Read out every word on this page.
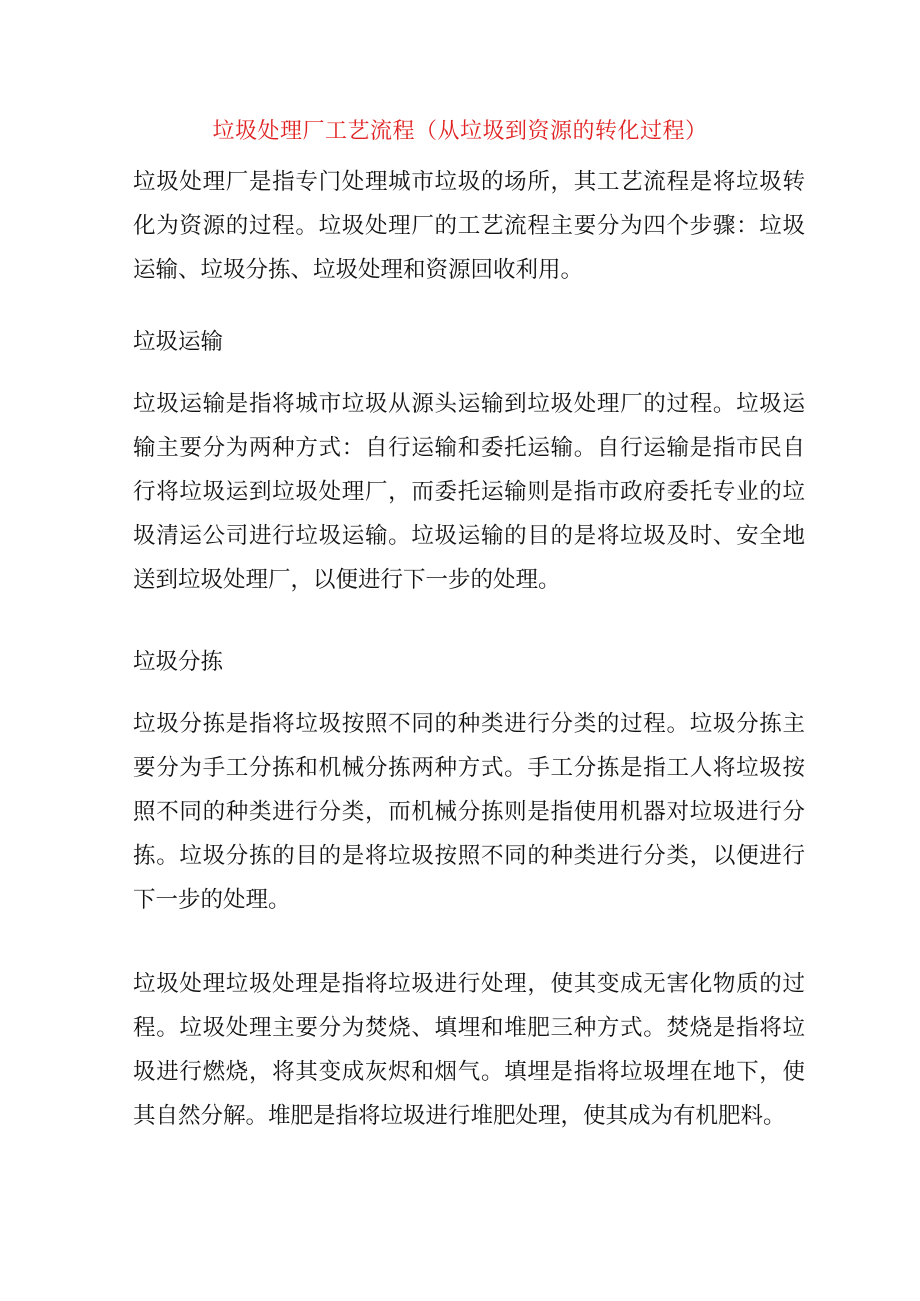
垃圾处理厂工艺流程（从垃圾到资源的转化过程）

垃圾处理厂是指专门处理城市垃圾的场所，其工艺流程是将垃圾转化为资源的过程。垃圾处理厂的工艺流程主要分为四个步骤：垃圾运输、垃圾分拣、垃圾处理和资源回收利用。

垃圾运输

垃圾运输是指将城市垃圾从源头运输到垃圾处理厂的过程。垃圾运输主要分为两种方式：自行运输和委托运输。自行运输是指市民自行将垃圾运到垃圾处理厂，而委托运输则是指市政府委托专业的垃圾清运公司进行垃圾运输。垃圾运输的目的是将垃圾及时、安全地送到垃圾处理厂，以便进行下一步的处理。

垃圾分拣

垃圾分拣是指将垃圾按照不同的种类进行分类的过程。垃圾分拣主要分为手工分拣和机械分拣两种方式。手工分拣是指工人将垃圾按照不同的种类进行分类，而机械分拣则是指使用机器对垃圾进行分拣。垃圾分拣的目的是将垃圾按照不同的种类进行分类，以便进行下一步的处理。

垃圾处理垃圾处理是指将垃圾进行处理，使其变成无害化物质的过程。垃圾处理主要分为焚烧、填埋和堆肥三种方式。焚烧是指将垃圾进行燃烧，将其变成灰烬和烟气。填埋是指将垃圾埋在地下，使其自然分解。堆肥是指将垃圾进行堆肥处理，使其成为有机肥料。
